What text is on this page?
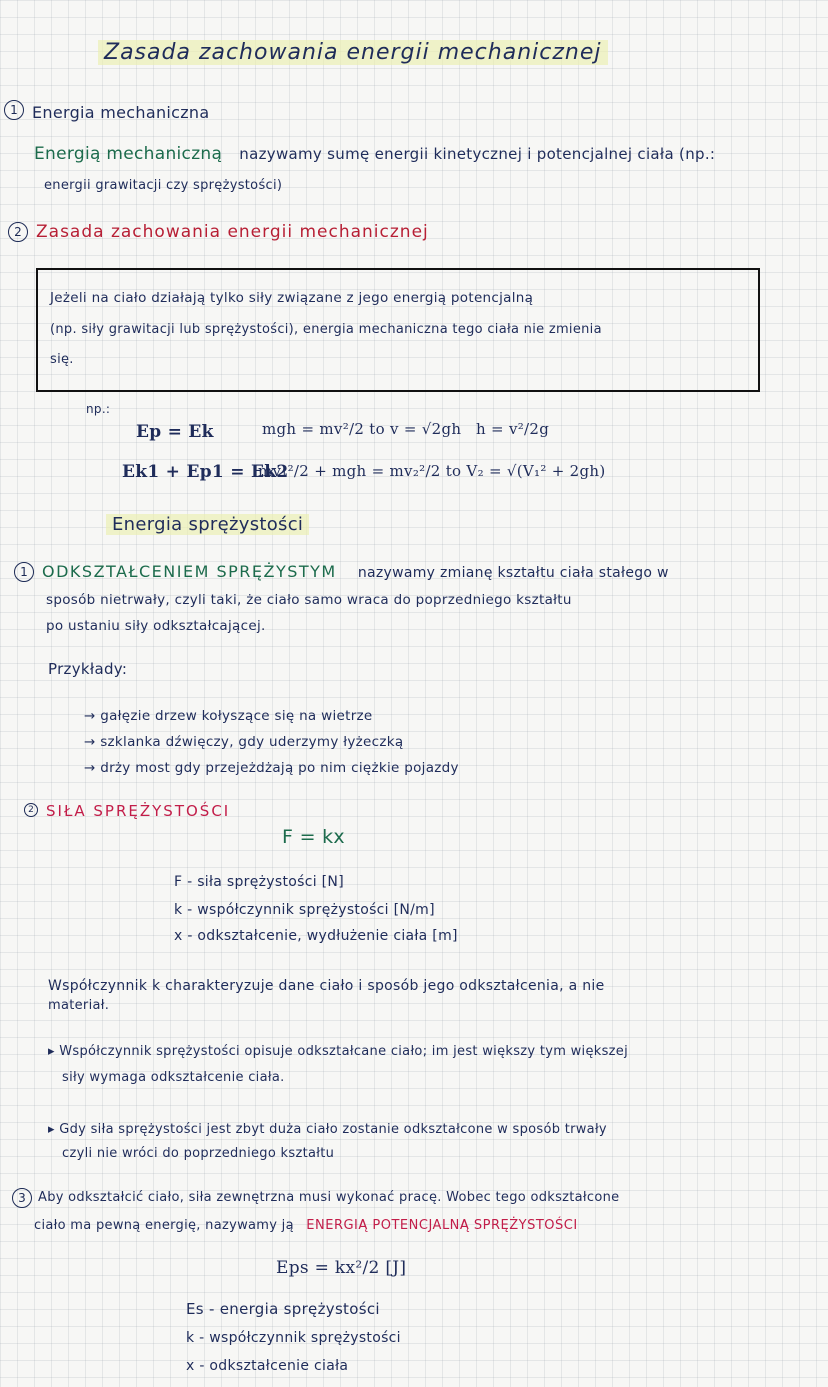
Zasada zachowania energii mechanicznej
1 Energia mechaniczna
Energią mechaniczną nazywamy sumę energii kinetycznej i potencjalnej ciała (np.:
energii grawitacji czy sprężystości)
2 Zasada zachowania energii mechanicznej
Jeżeli na ciało działają tylko siły związane z jego energią potencjalną
(np. siły grawitacji lub sprężystości), energia mechaniczna tego ciała nie zmienia
się.
np.:
Ep = Ek	mgh = mv²/2 to v = √2gh h = v²/2g
Ek1 + Ep1 = Ek2
mv₁²/2 + mgh = mv₂²/2 to V₂ = √(V₁² + 2gh)
Energia sprężystości
1 ODKSZTAŁCENIEM SPRĘŻYSTYM nazywamy zmianę kształtu ciała stałego w
sposób nietrwały, czyli taki, że ciało samo wraca do poprzedniego kształtu
po ustaniu siły odkształcającej.
Przykłady:
→ gałęzie drzew kołyszące się na wietrze
→ szklanka dźwięczy, gdy uderzymy łyżeczką
→ drży most gdy przejeżdżają po nim ciężkie pojazdy
2 SIŁA SPRĘŻYSTOŚCI
F = kx
F - siła sprężystości [N]
k - współczynnik sprężystości [N/m]
x - odkształcenie, wydłużenie ciała [m]
Współczynnik k charakteryzuje dane ciało i sposób jego odkształcenia, a nie
materiał.
▸ Współczynnik sprężystości opisuje odkształcane ciało; im jest większy tym większej
siły wymaga odkształcenie ciała.
▸ Gdy siła sprężystości jest zbyt duża ciało zostanie odkształcone w sposób trwały
czyli nie wróci do poprzedniego kształtu
3 Aby odkształcić ciało, siła zewnętrzna musi wykonać pracę. Wobec tego odkształcone
ciało ma pewną energię, nazywamy ją ENERGIĄ POTENCJALNĄ SPRĘŻYSTOŚCI
Eps = kx²/2 [J]
Es - energia sprężystości
k - współczynnik sprężystości
x - odkształcenie ciała
